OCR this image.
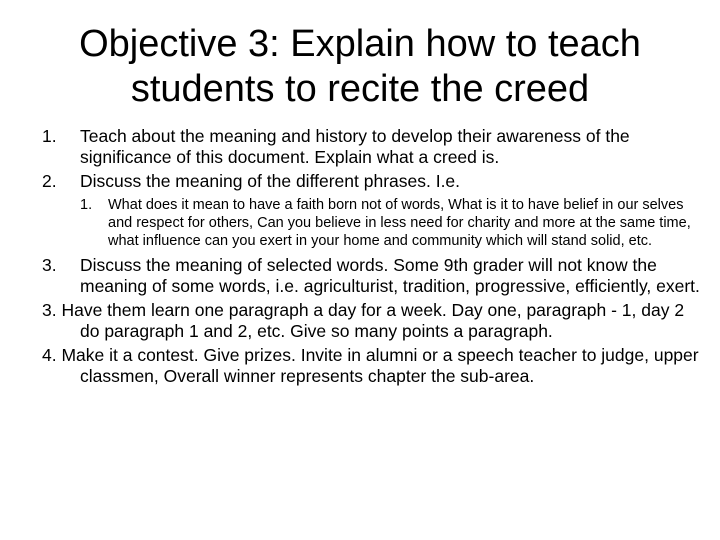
Objective 3: Explain how to teach students to recite the creed
1. Teach about the meaning and history to develop their awareness of the significance of this document. Explain what a creed is.
2. Discuss the meaning of the different phrases. I.e.
1. What does it mean to have a faith born not of words, What is it to have belief in our selves and respect for others, Can you believe in less need for charity and more at the same time, what influence can you exert in your home and community which will stand solid, etc.
3. Discuss the meaning of selected words. Some 9th grader will not know the meaning of some words, i.e. agriculturist, tradition, progressive, efficiently, exert.
3. Have them learn one paragraph a day for a week. Day one, paragraph - 1, day 2 do paragraph 1 and 2, etc. Give so many points a paragraph.
4. Make it a contest. Give prizes. Invite in alumni or a speech teacher to judge, upper classmen, Overall winner represents chapter the sub-area.
